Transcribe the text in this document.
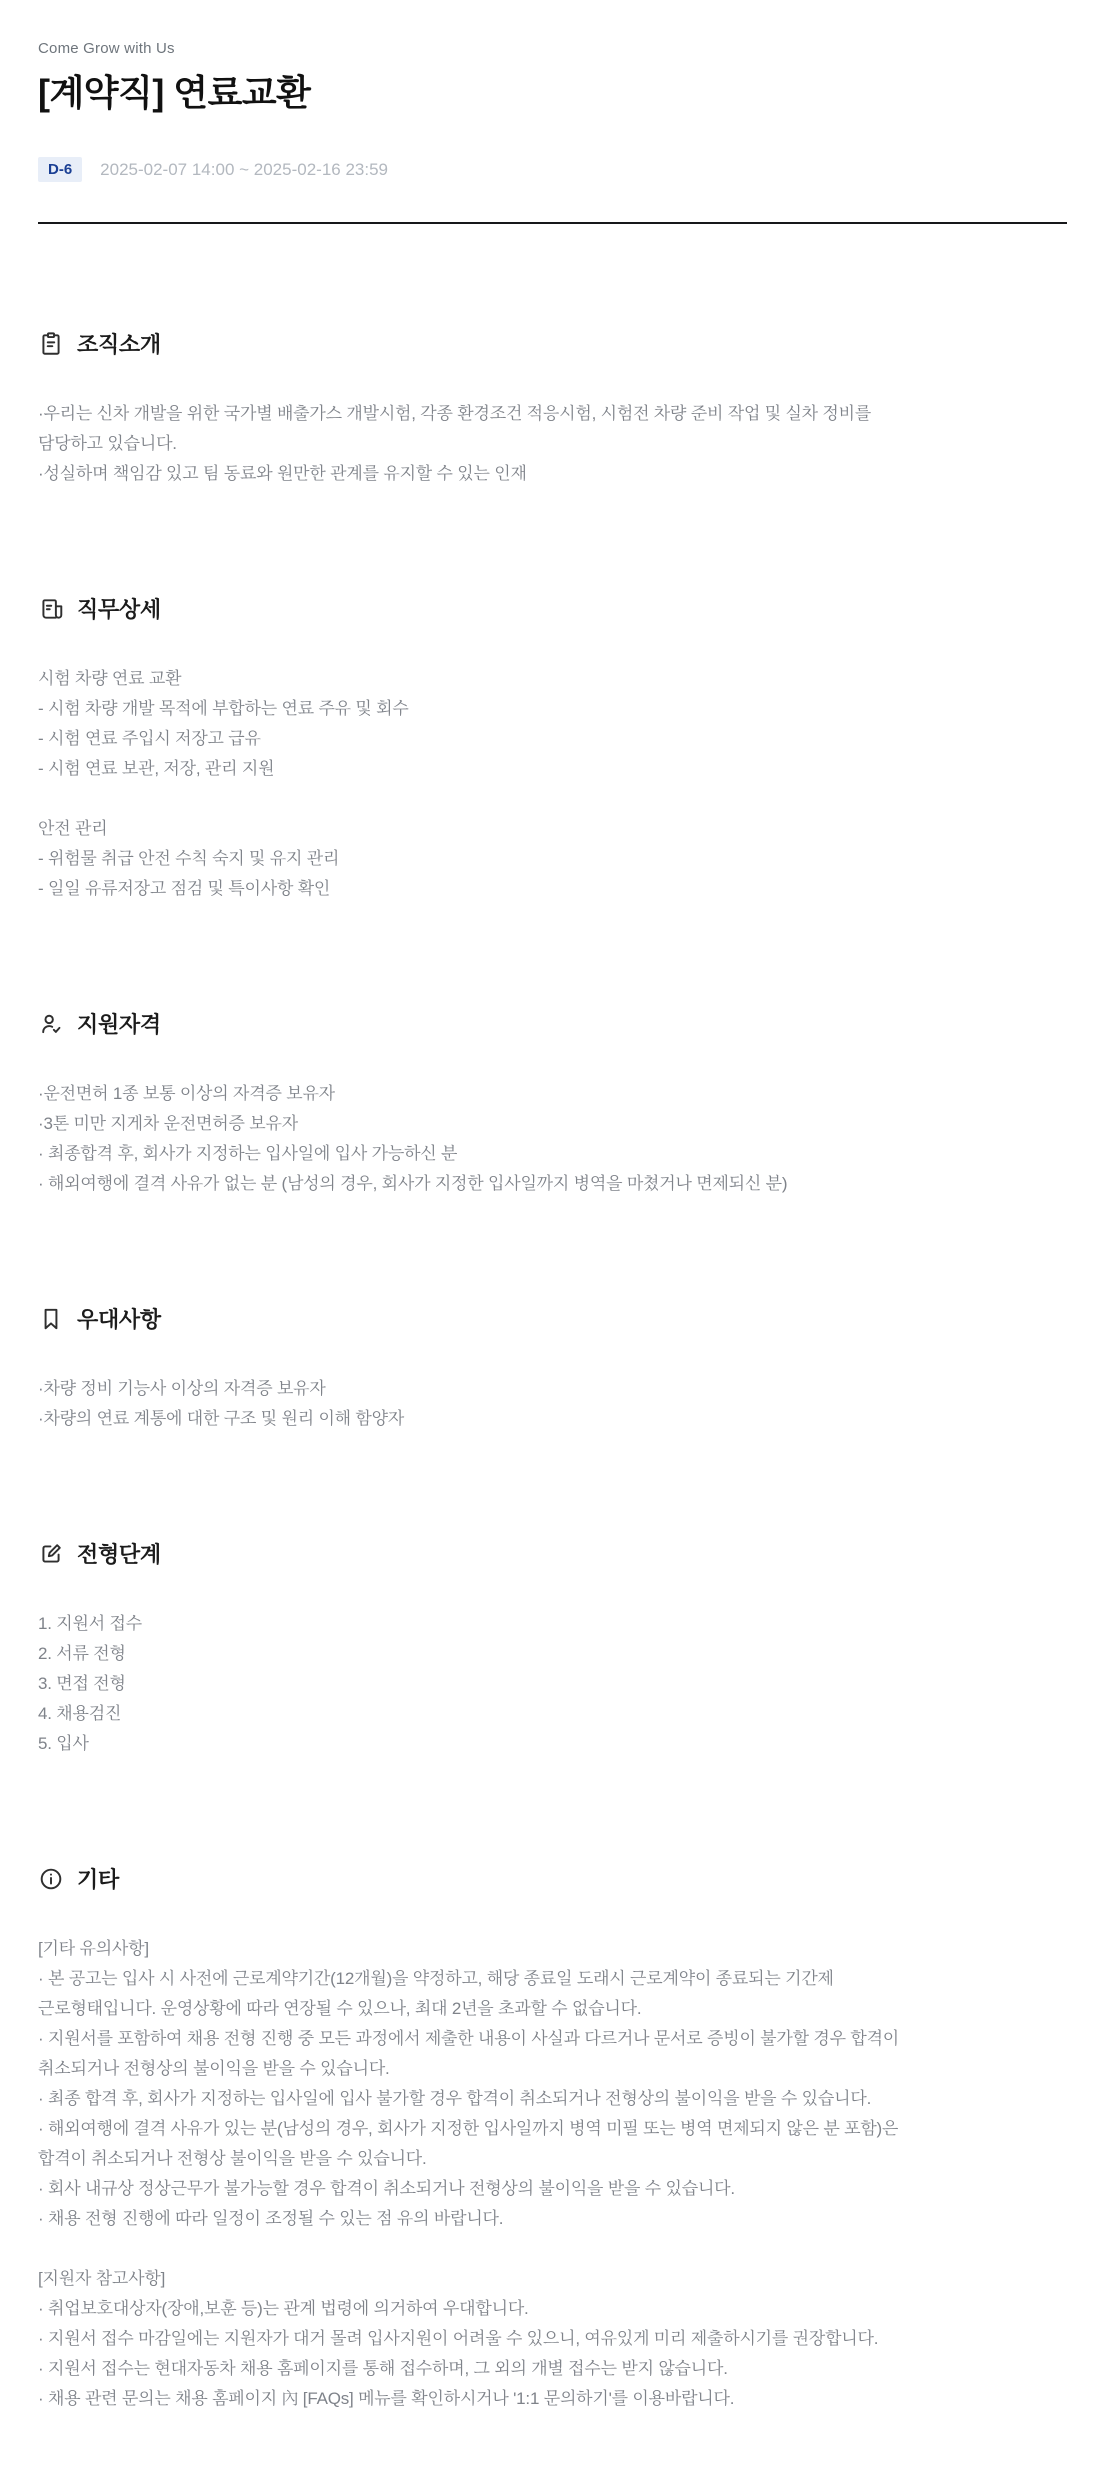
Come Grow with Us
[계약직] 연료교환
D-6	2025-02-07 14:00 ~ 2025-02-16 23:59
조직소개
·우리는 신차 개발을 위한 국가별 배출가스 개발시험, 각종 환경조건 적응시험, 시험전 차량 준비 작업 및 실차 정비를
담당하고 있습니다.
·성실하며 책임감 있고 팀 동료와 원만한 관계를 유지할 수 있는 인재
직무상세
시험 차량 연료 교환
- 시험 차량 개발 목적에 부합하는 연료 주유 및 회수
- 시험 연료 주입시 저장고 급유
- 시험 연료 보관, 저장, 관리 지원
안전 관리
- 위험물 취급 안전 수칙 숙지 및 유지 관리
- 일일 유류저장고 점검 및 특이사항 확인
지원자격
·운전면허 1종 보통 이상의 자격증 보유자
·3톤 미만 지게차 운전면허증 보유자
· 최종합격 후, 회사가 지정하는 입사일에 입사 가능하신 분
· 해외여행에 결격 사유가 없는 분 (남성의 경우, 회사가 지정한 입사일까지 병역을 마쳤거나 면제되신 분)
우대사항
·차량 정비 기능사 이상의 자격증 보유자
·차량의 연료 계통에 대한 구조 및 원리 이해 함양자
전형단계
1. 지원서 접수
2. 서류 전형
3. 면접 전형
4. 채용검진
5. 입사
기타
[기타 유의사항]
· 본 공고는 입사 시 사전에 근로계약기간(12개월)을 약정하고, 해당 종료일 도래시 근로계약이 종료되는 기간제
근로형태입니다. 운영상황에 따라 연장될 수 있으나, 최대 2년을 초과할 수 없습니다.
· 지원서를 포함하여 채용 전형 진행 중 모든 과정에서 제출한 내용이 사실과 다르거나 문서로 증빙이 불가할 경우 합격이
취소되거나 전형상의 불이익을 받을 수 있습니다.
· 최종 합격 후, 회사가 지정하는 입사일에 입사 불가할 경우 합격이 취소되거나 전형상의 불이익을 받을 수 있습니다.
· 해외여행에 결격 사유가 있는 분(남성의 경우, 회사가 지정한 입사일까지 병역 미필 또는 병역 면제되지 않은 분 포함)은
합격이 취소되거나 전형상 불이익을 받을 수 있습니다.
· 회사 내규상 정상근무가 불가능할 경우 합격이 취소되거나 전형상의 불이익을 받을 수 있습니다.
· 채용 전형 진행에 따라 일정이 조정될 수 있는 점 유의 바랍니다.
[지원자 참고사항]
· 취업보호대상자(장애,보훈 등)는 관계 법령에 의거하여 우대합니다.
· 지원서 접수 마감일에는 지원자가 대거 몰려 입사지원이 어려울 수 있으니, 여유있게 미리 제출하시기를 권장합니다.
· 지원서 접수는 현대자동차 채용 홈페이지를 통해 접수하며, 그 외의 개별 접수는 받지 않습니다.
· 채용 관련 문의는 채용 홈페이지 內 [FAQs] 메뉴를 확인하시거나 '1:1 문의하기'를 이용바랍니다.
